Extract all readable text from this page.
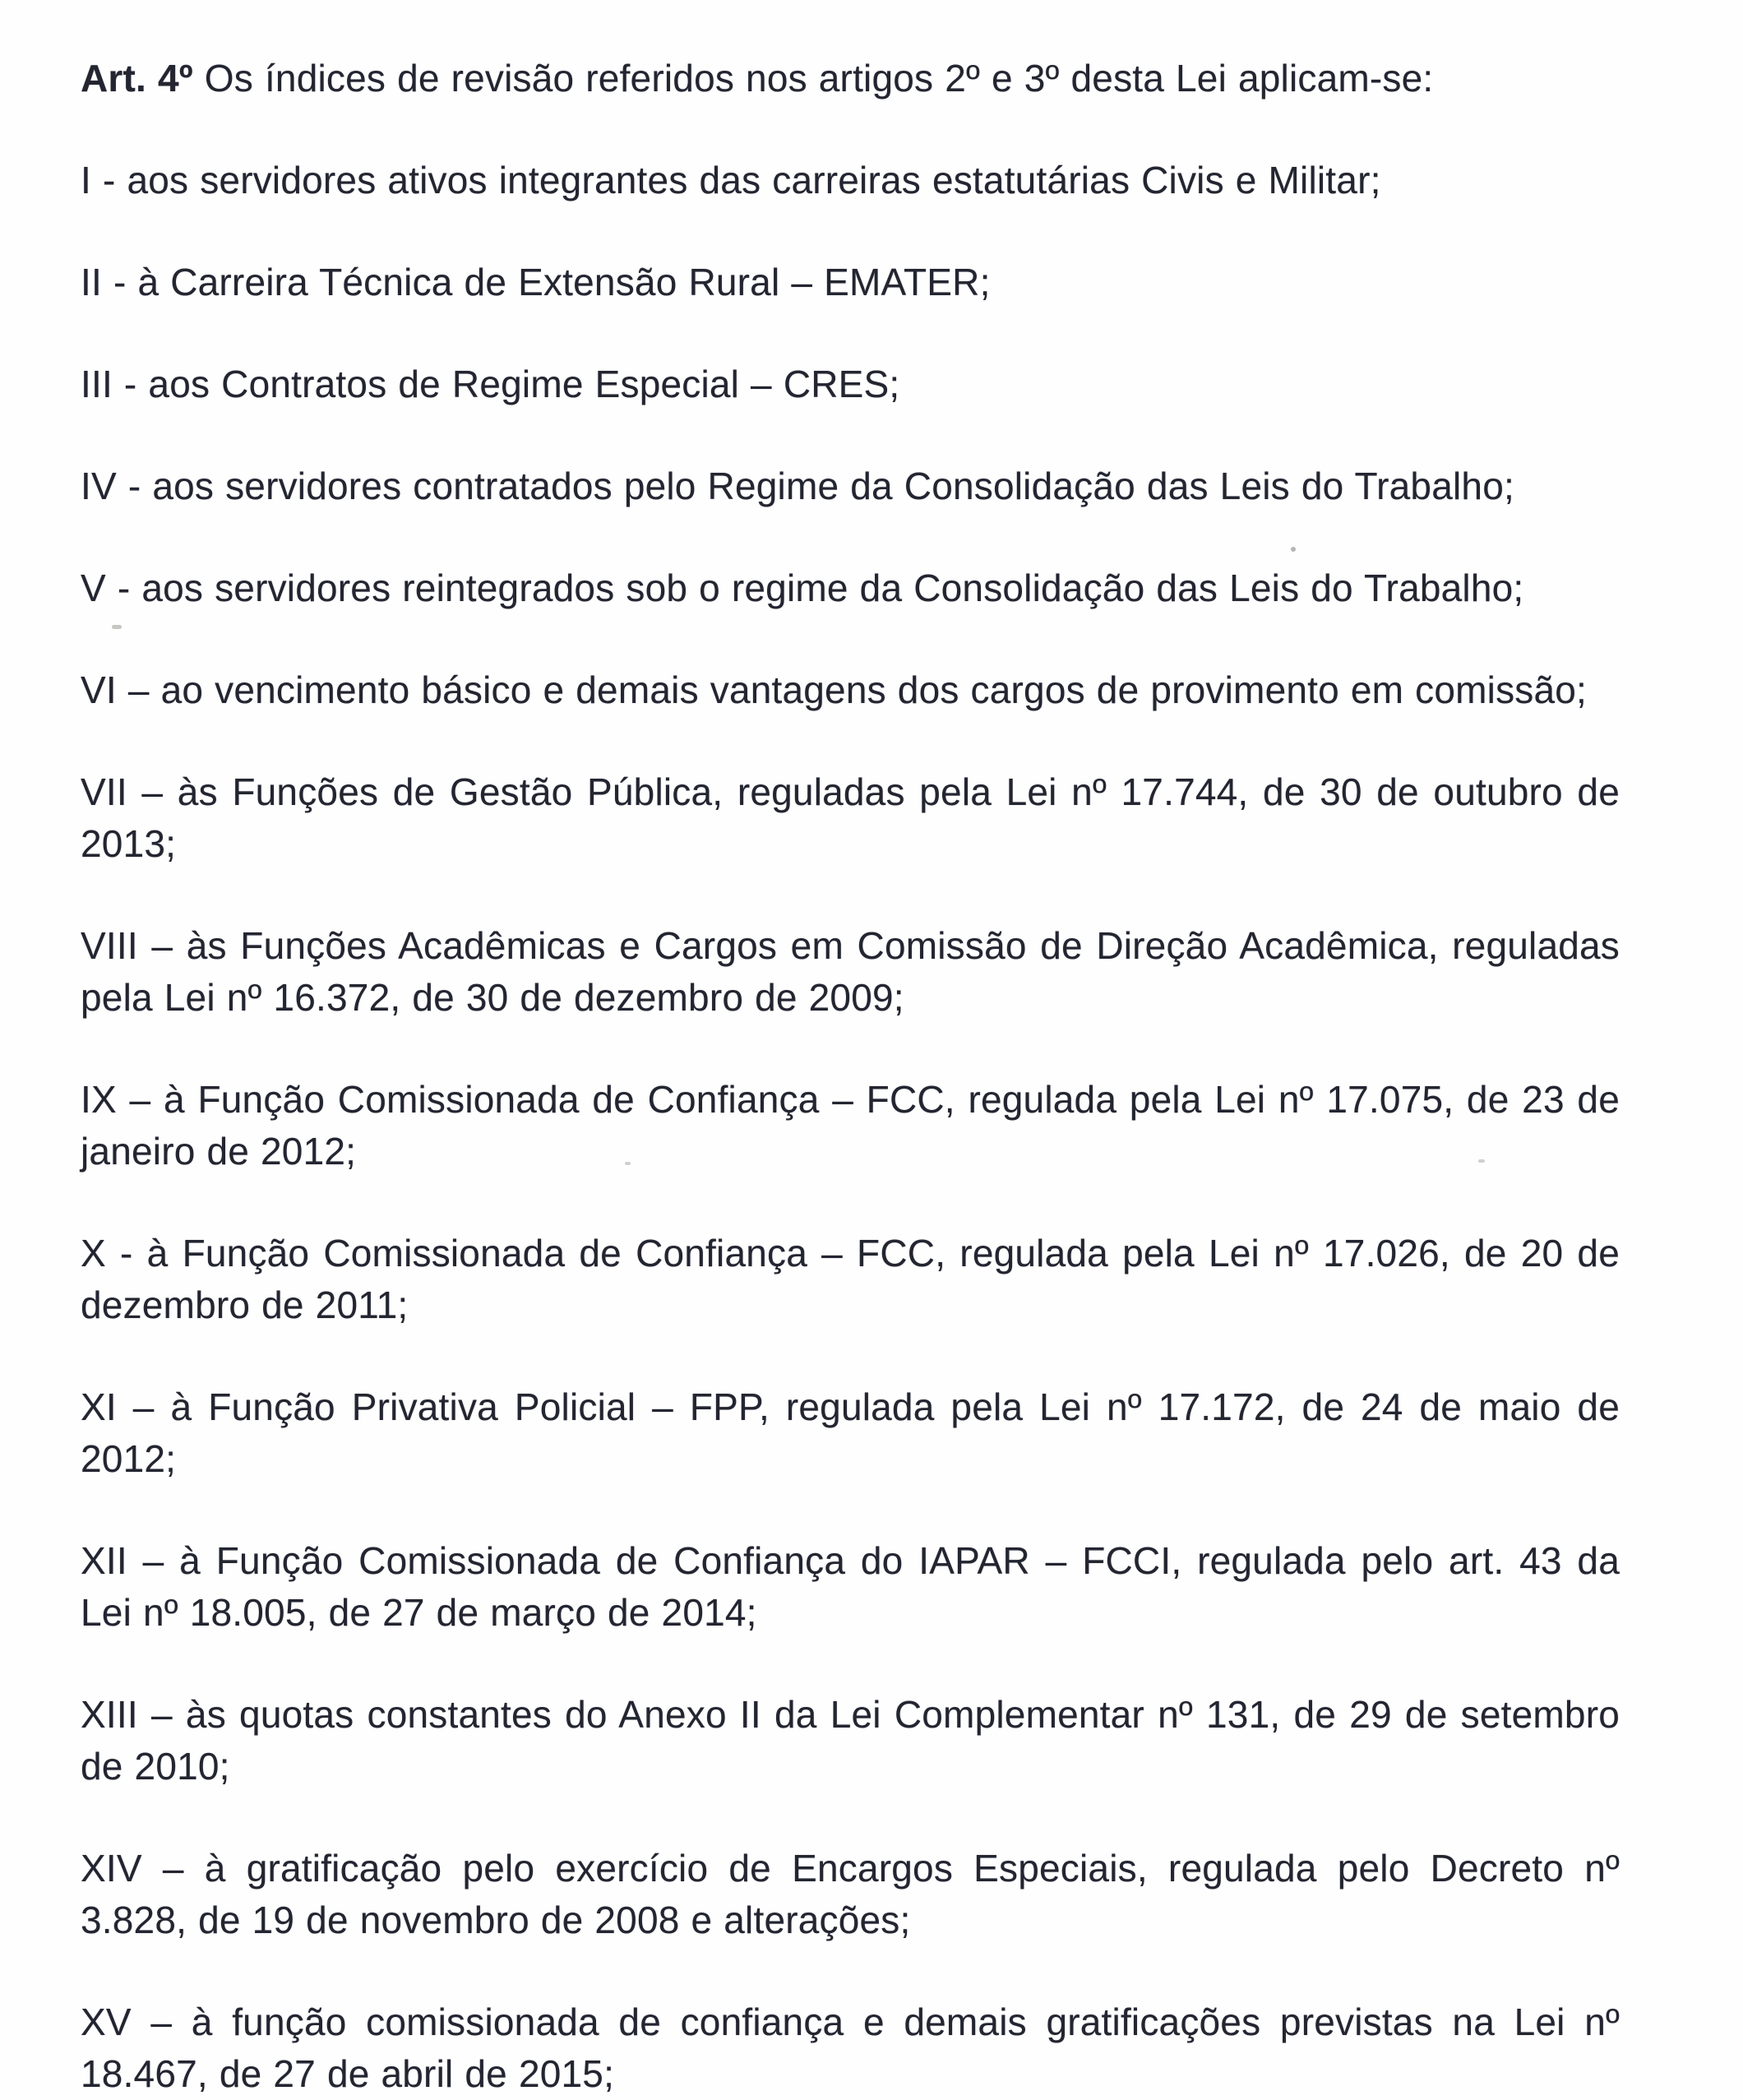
Art. 4º Os índices de revisão referidos nos artigos 2º e 3º desta Lei aplicam-se:

I - aos servidores ativos integrantes das carreiras estatutárias Civis e Militar;

II - à Carreira Técnica de Extensão Rural – EMATER;

III - aos Contratos de Regime Especial – CRES;

IV - aos servidores contratados pelo Regime da Consolidação das Leis do Trabalho;

V - aos servidores reintegrados sob o regime da Consolidação das Leis do Trabalho;

VI – ao vencimento básico e demais vantagens dos cargos de provimento em comissão;

VII – às Funções de Gestão Pública, reguladas pela Lei nº 17.744, de 30 de outubro de 2013;

VIII – às Funções Acadêmicas e Cargos em Comissão de Direção Acadêmica, reguladas pela Lei nº 16.372, de 30 de dezembro de 2009;

IX – à Função Comissionada de Confiança – FCC, regulada pela Lei nº 17.075, de 23 de janeiro de 2012;

X - à Função Comissionada de Confiança – FCC, regulada pela Lei nº 17.026, de 20 de dezembro de 2011;

XI – à Função Privativa Policial – FPP, regulada pela Lei nº 17.172, de 24 de maio de 2012;

XII – à Função Comissionada de Confiança do IAPAR – FCCI, regulada pelo art. 43 da Lei nº 18.005, de 27 de março de 2014;

XIII – às quotas constantes do Anexo II da Lei Complementar nº 131, de 29 de setembro de 2010;

XIV – à gratificação pelo exercício de Encargos Especiais, regulada pelo Decreto nº 3.828, de 19 de novembro de 2008 e alterações;

XV – à função comissionada de confiança e demais gratificações previstas na Lei nº 18.467, de 27 de abril de 2015;
